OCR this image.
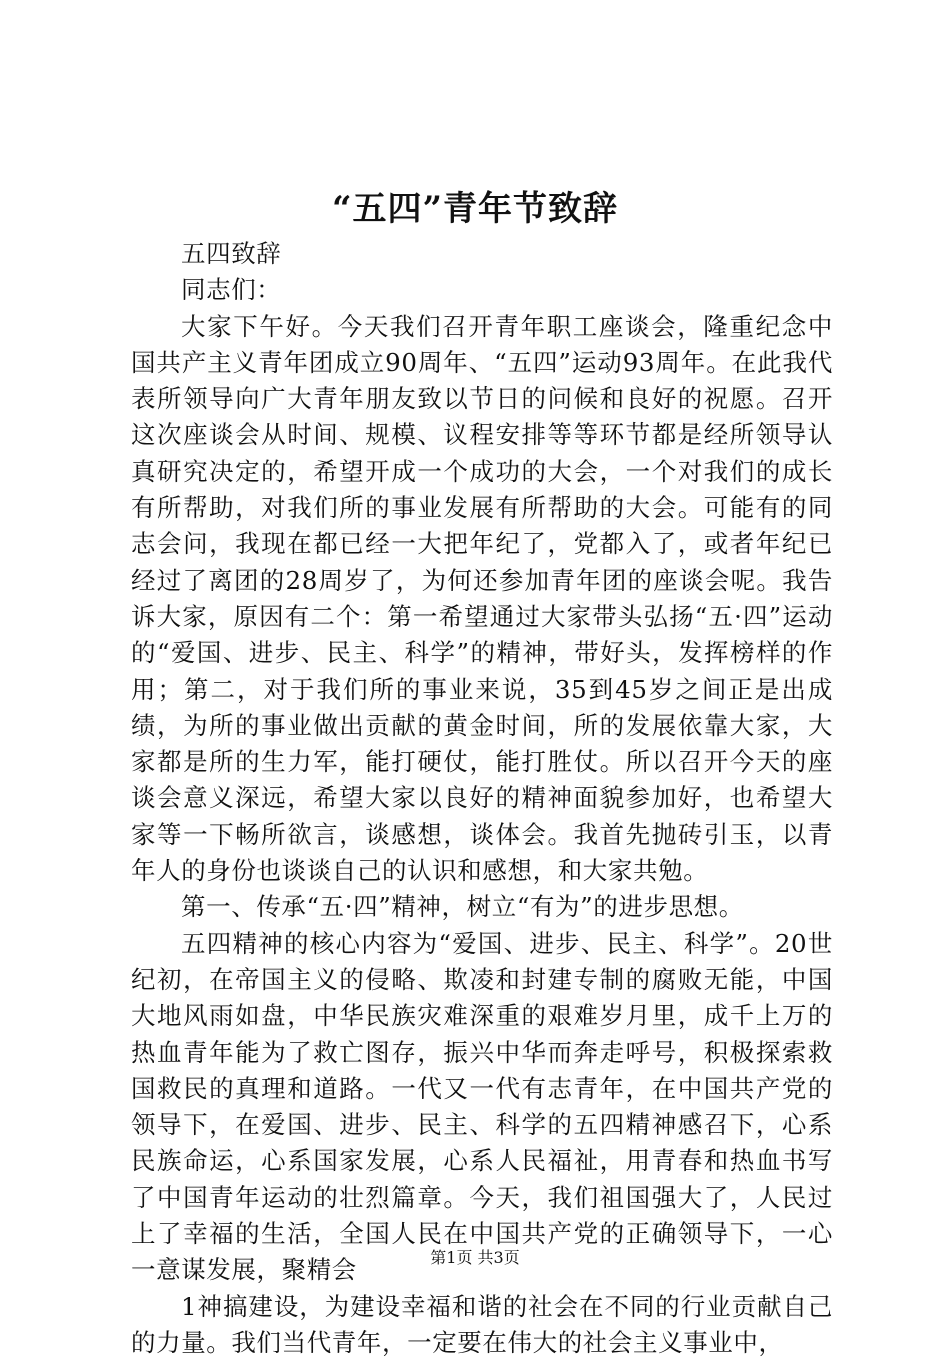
“五四”青年节致辞

五四致辞

同志们：

大家下午好。今天我们召开青年职工座谈会，隆重纪念中国共产主义青年团成立90周年、“五四”运动93周年。在此我代表所领导向广大青年朋友致以节日的问候和良好的祝愿。召开这次座谈会从时间、规模、议程安排等等环节都是经所领导认真研究决定的，希望开成一个成功的大会，一个对我们的成长有所帮助，对我们所的事业发展有所帮助的大会。可能有的同志会问，我现在都已经一大把年纪了，党都入了，或者年纪已经过了离团的28周岁了，为何还参加青年团的座谈会呢。我告诉大家，原因有二个：第一希望通过大家带头弘扬“五·四”运动的“爱国、进步、民主、科学”的精神，带好头，发挥榜样的作用；第二，对于我们所的事业来说，35到45岁之间正是出成绩，为所的事业做出贡献的黄金时间，所的发展依靠大家，大家都是所的生力军，能打硬仗，能打胜仗。所以召开今天的座谈会意义深远，希望大家以良好的精神面貌参加好，也希望大家等一下畅所欲言，谈感想，谈体会。我首先抛砖引玉，以青年人的身份也谈谈自己的认识和感想，和大家共勉。

第一、传承“五·四”精神，树立“有为”的进步思想。

五四精神的核心内容为“爱国、进步、民主、科学”。20世纪初，在帝国主义的侵略、欺凌和封建专制的腐败无能，中国大地风雨如盘，中华民族灾难深重的艰难岁月里，成千上万的热血青年能为了救亡图存，振兴中华而奔走呼号，积极探索救国救民的真理和道路。一代又一代有志青年，在中国共产党的领导下，在爱国、进步、民主、科学的五四精神感召下，心系民族命运，心系国家发展，心系人民福祉，用青春和热血书写了中国青年运动的壮烈篇章。今天，我们祖国强大了，人民过上了幸福的生活，全国人民在中国共产党的正确领导下，一心一意谋发展，聚精会

1神搞建设，为建设幸福和谐的社会在不同的行业贡献自己的力量。我们当代青年，一定要在伟大的社会主义事业中，

第1页 共3页
